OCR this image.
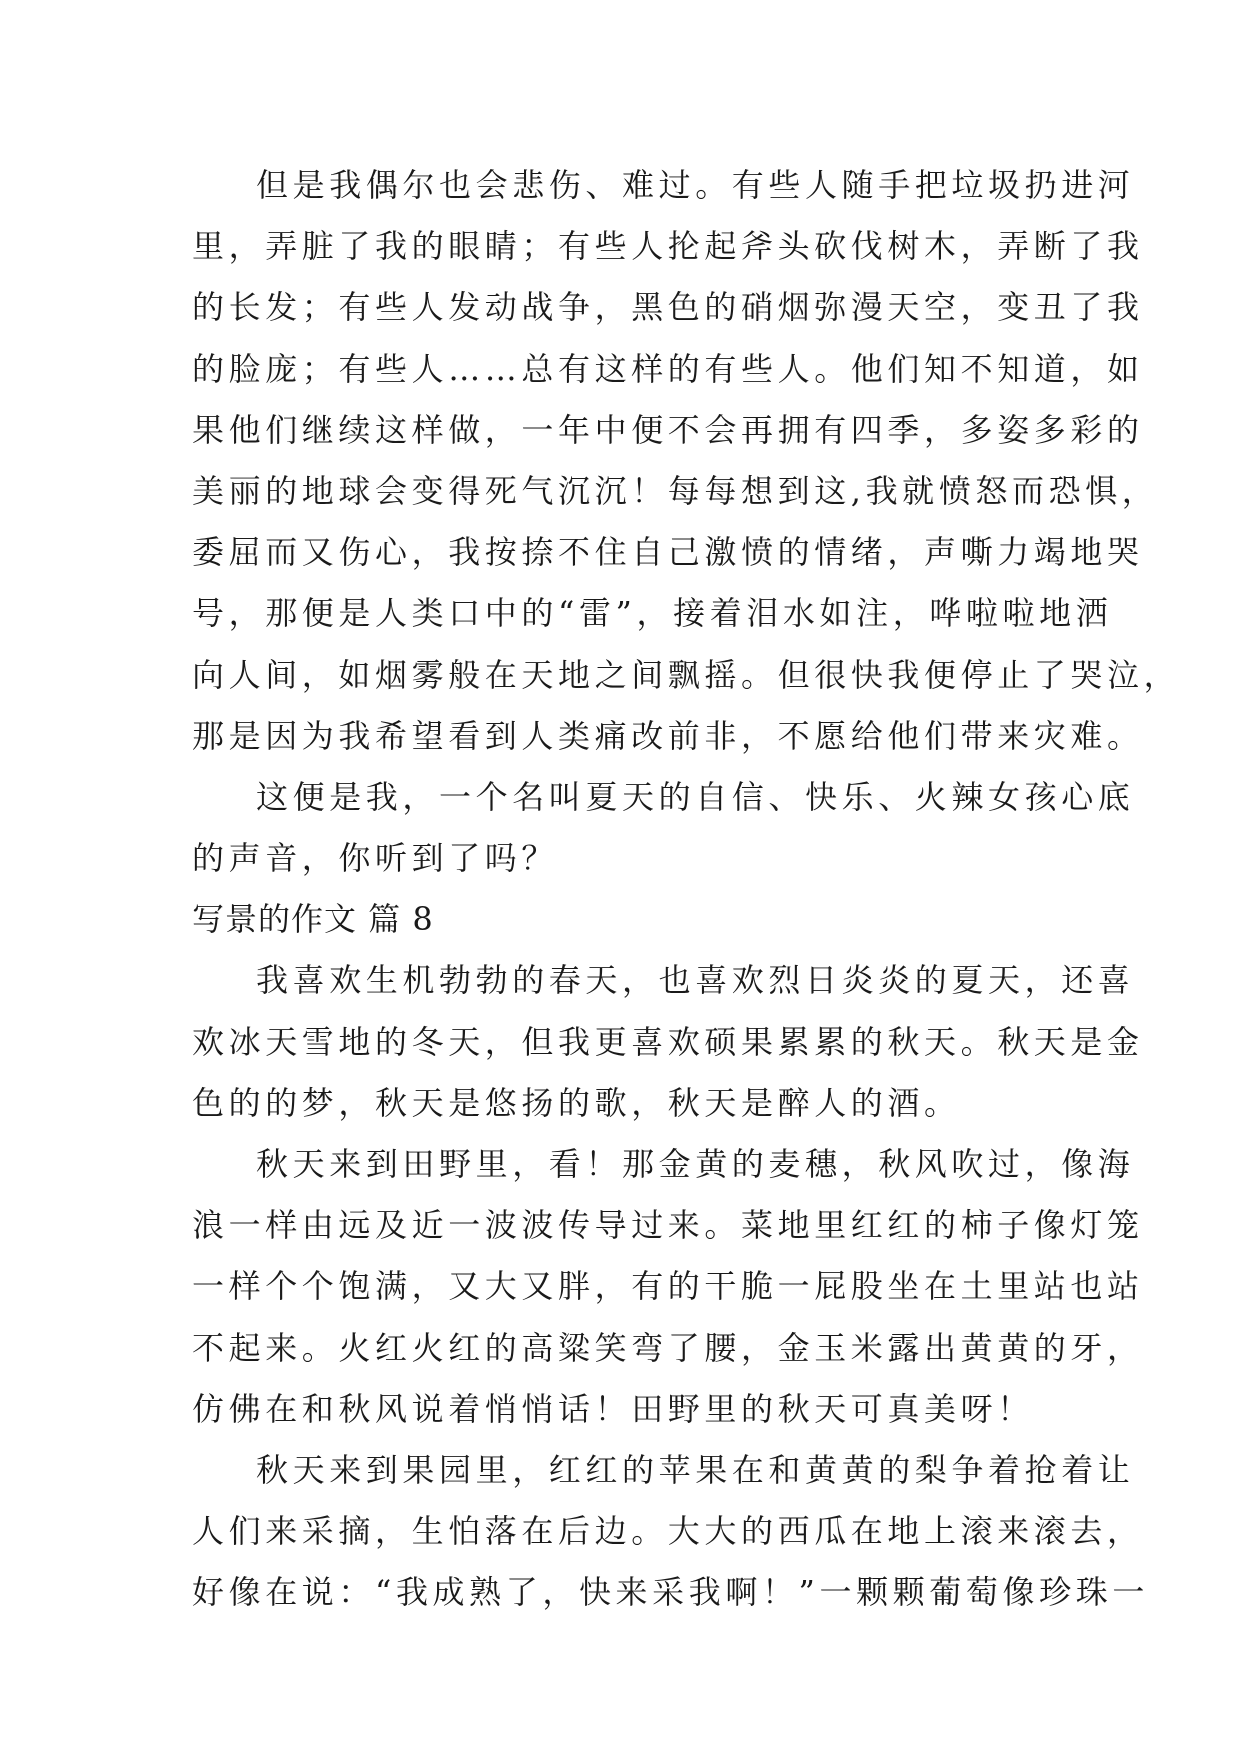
但是我偶尔也会悲伤、难过。有些人随手把垃圾扔进河
里，弄脏了我的眼睛；有些人抡起斧头砍伐树木，弄断了我
的长发；有些人发动战争，黑色的硝烟弥漫天空，变丑了我
的脸庞；有些人……总有这样的有些人。他们知不知道，如
果他们继续这样做，一年中便不会再拥有四季，多姿多彩的
美丽的地球会变得死气沉沉！每每想到这,我就愤怒而恐惧，
委屈而又伤心，我按捺不住自己激愤的情绪，声嘶力竭地哭
号，那便是人类口中的“雷”，接着泪水如注，哗啦啦地洒
向人间，如烟雾般在天地之间飘摇。但很快我便停止了哭泣，
那是因为我希望看到人类痛改前非，不愿给他们带来灾难。
这便是我，一个名叫夏天的自信、快乐、火辣女孩心底
的声音，你听到了吗？
写景的作文 篇 8
我喜欢生机勃勃的春天，也喜欢烈日炎炎的夏天，还喜
欢冰天雪地的冬天，但我更喜欢硕果累累的秋天。秋天是金
色的的梦，秋天是悠扬的歌，秋天是醉人的酒。
秋天来到田野里，看！那金黄的麦穗，秋风吹过，像海
浪一样由远及近一波波传导过来。菜地里红红的柿子像灯笼
一样个个饱满，又大又胖，有的干脆一屁股坐在土里站也站
不起来。火红火红的高粱笑弯了腰，金玉米露出黄黄的牙，
仿佛在和秋风说着悄悄话！田野里的秋天可真美呀！
秋天来到果园里，红红的苹果在和黄黄的梨争着抢着让
人们来采摘，生怕落在后边。大大的西瓜在地上滚来滚去，
好像在说：“我成熟了，快来采我啊！”一颗颗葡萄像珍珠一
